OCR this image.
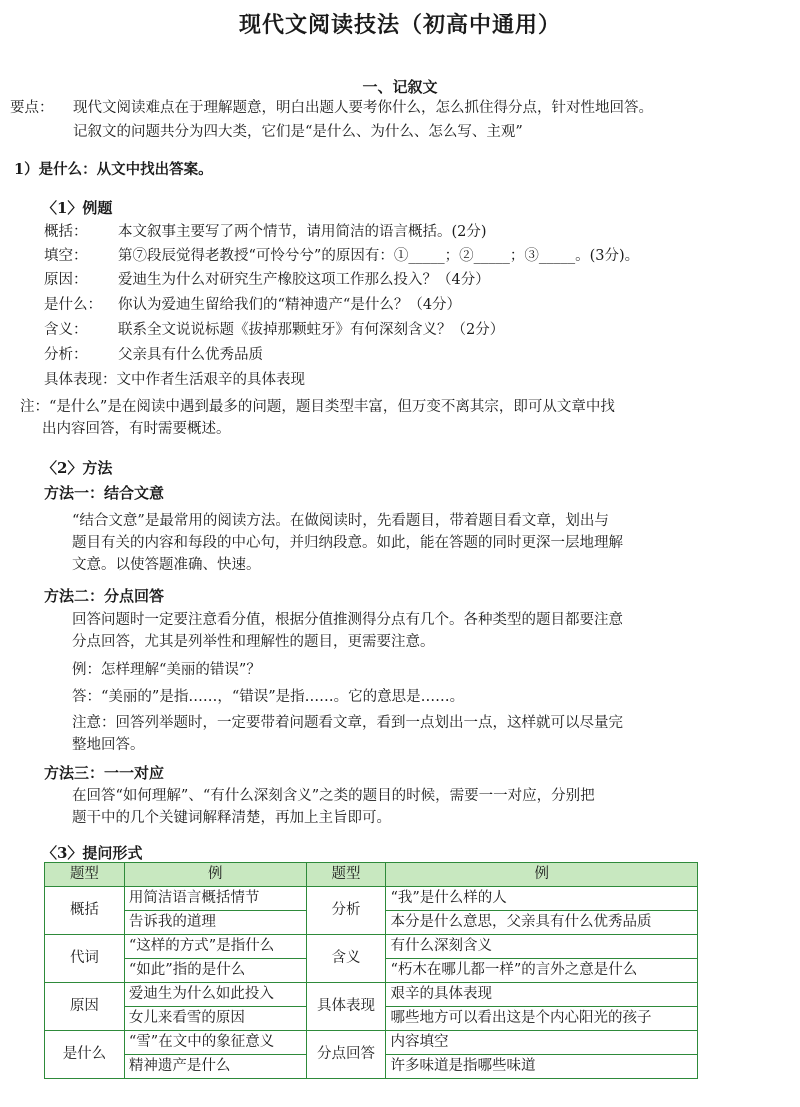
现代文阅读技法（初高中通用）
一、记叙文
要点： 现代文阅读难点在于理解题意，明白出题人要考你什么，怎么抓住得分点，针对性地回答。
记叙文的问题共分为四大类，它们是“是什么、为什么、怎么写、主观”
1）是什么：从文中找出答案。
〈1〉例题
概括： 本文叙事主要写了两个情节，请用简洁的语言概括。(2分)
填空： 第⑦段辰觉得老教授“可怜兮兮”的原因有：①_____；②_____；③_____。(3分)。
原因： 爱迪生为什么对研究生产橡胶这项工作那么投入？（4分）
是什么： 你认为爱迪生留给我们的“精神遗产“是什么？（4分）
含义： 联系全文说说标题《拔掉那颗蛀牙》有何深刻含义？（2分）
分析： 父亲具有什么优秀品质
具体表现：文中作者生活艰辛的具体表现
注：“是什么”是在阅读中遇到最多的问题，题目类型丰富，但万变不离其宗，即可从文章中找
出内容回答，有时需要概述。
〈2〉方法
方法一：结合文意
“结合文意”是最常用的阅读方法。在做阅读时，先看题目，带着题目看文章，划出与
题目有关的内容和每段的中心句，并归纳段意。如此，能在答题的同时更深一层地理解
文意。以使答题准确、快速。
方法二：分点回答
回答问题时一定要注意看分值，根据分值推测得分点有几个。各种类型的题目都要注意
分点回答，尤其是列举性和理解性的题目，更需要注意。
例：怎样理解“美丽的错误”？
答：“美丽的”是指……，“错误”是指……。它的意思是……。
注意：回答列举题时，一定要带着问题看文章，看到一点划出一点，这样就可以尽量完
整地回答。
方法三：一一对应
在回答“如何理解”、“有什么深刻含义”之类的题目的时候，需要一一对应，分别把
题干中的几个关键词解释清楚，再加上主旨即可。
〈3〉提问形式
题型	例	题型	例
概括	用简洁语言概括情节	分析	“我”是什么样的人
	告诉我的道理		本分是什么意思，父亲具有什么优秀品质
代词	“这样的方式”是指什么	含义	有什么深刻含义
	“如此”指的是什么		“朽木在哪儿都一样”的言外之意是什么
原因	爱迪生为什么如此投入	具体表现	艰辛的具体表现
	女儿来看雪的原因		哪些地方可以看出这是个内心阳光的孩子
是什么	“雪”在文中的象征意义	分点回答	内容填空
	精神遗产是什么		许多味道是指哪些味道
